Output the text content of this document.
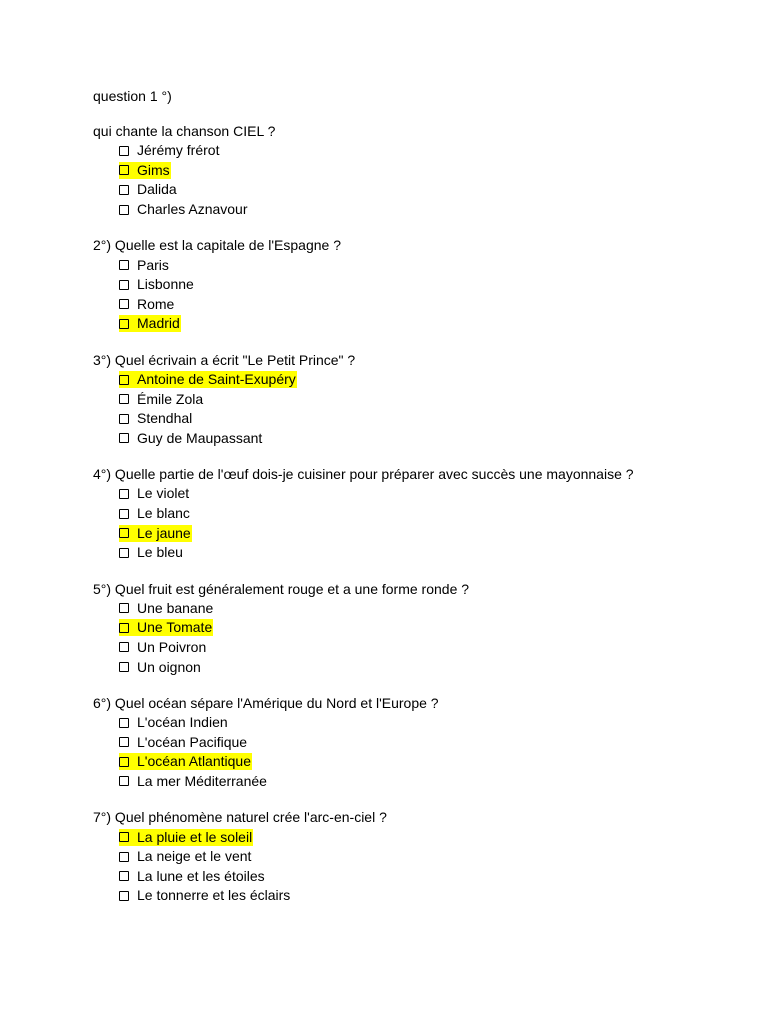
question 1 °)
qui chante la chanson CIEL ?
Jérémy frérot
Gims
Dalida
Charles Aznavour
2°) Quelle est la capitale de l'Espagne ?
Paris
Lisbonne
Rome
Madrid
3°) Quel écrivain a écrit "Le Petit Prince" ?
Antoine de Saint-Exupéry
Émile Zola
Stendhal
Guy de Maupassant
4°) Quelle partie de l'œuf dois-je cuisiner pour préparer avec succès une mayonnaise ?
Le violet
Le blanc
Le jaune
Le bleu
5°) Quel fruit est généralement rouge et a une forme ronde ?
Une banane
Une Tomate
Un Poivron
Un oignon
6°) Quel océan sépare l'Amérique du Nord et l'Europe ?
L'océan Indien
L'océan Pacifique
L'océan Atlantique
La mer Méditerranée
7°) Quel phénomène naturel crée l'arc-en-ciel ?
La pluie et le soleil
La neige et le vent
La lune et les étoiles
Le tonnerre et les éclairs
